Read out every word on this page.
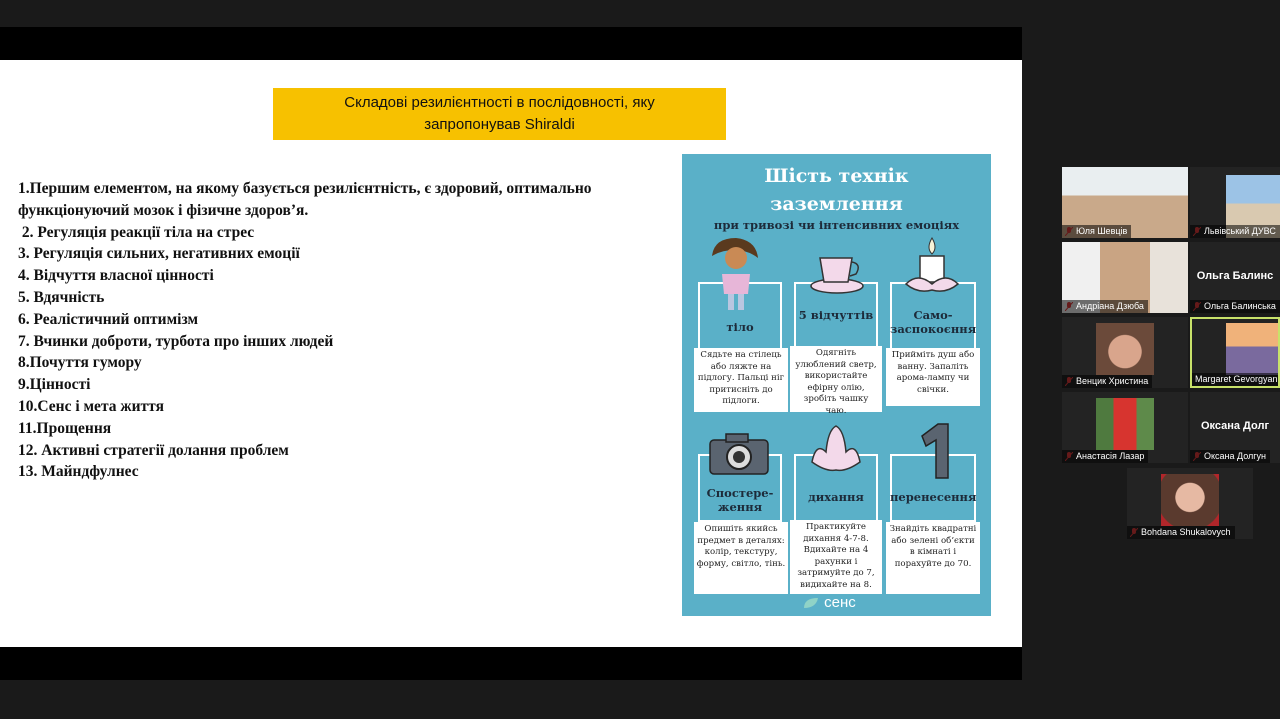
Складові резилієнтності в послідовності, яку
запропонував Shiraldi
1.Першим елементом, на якому базується резилієнтність, є здоровий, оптимально функціонуючий мозок і фізичне здоров’я.
2. Регуляція реакції тіла на стрес
3. Регуляція сильних, негативних емоції
4. Відчуття власної цінності
5. Вдячність
6. Реалістичний оптимізм
7. Вчинки доброти, турбота про інших людей
8.Почуття гумору
9.Цінності
10.Сенс і мета життя
11.Прощення
12. Активні стратегії долання проблем
13. Майндфулнес
Шість технік
заземлення
при тривозі чи інтенсивних емоціях
тіло
Сядьте на стілець або ляжте на підлогу. Пальці ніг притисніть до підлоги.
5 відчуттів
Одягніть улюблений светр, використайте ефірну олію, зробіть чашку чаю.
Само-заспокоєння
Прийміть душ або ванну. Запаліть арома-лампу чи свічки.
Спостере-ження
Опишіть якийсь предмет в деталях: колір, текстуру, форму, світло, тінь.
дихання
Практикуйте дихання 4-7-8. Вдихайте на 4 рахунки і затримуйте до 7, видихайте на 8.
перенесення
Знайдіть квадратні або зелені об’єкти в кімнаті і порахуйте до 70.
сенс
Юля Шевців	Львівський ДУВС
Андріана Дзюба
Ольга Балинс
Ольга Балинська
Венцик Христина	Margaret Gevorgyan
Анастасія Лазар
Оксана Долг
Оксана Долгун
Bohdana Shukalovych
